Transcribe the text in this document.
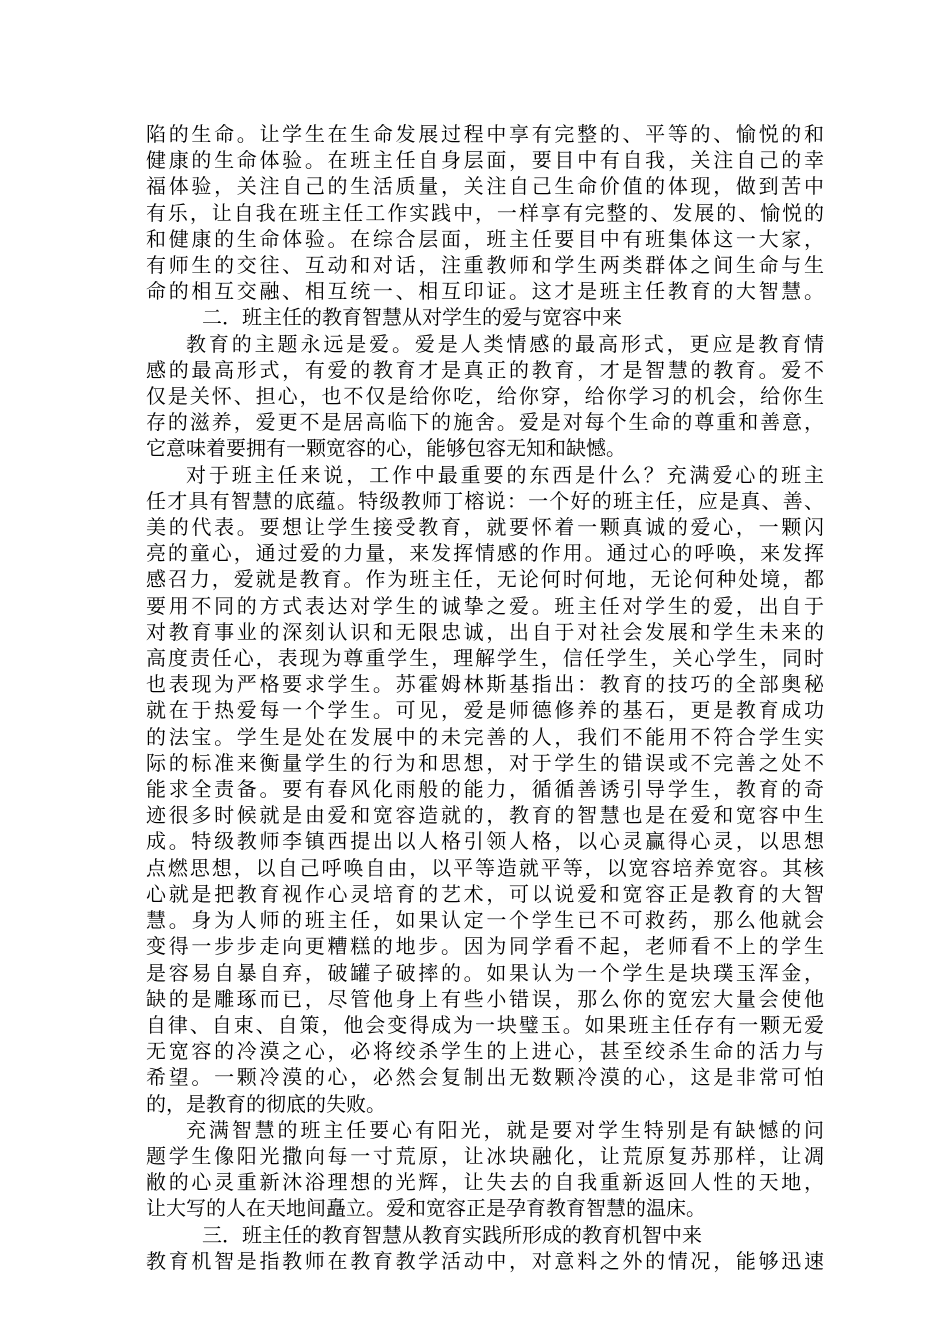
陷的生命。让学生在生命发展过程中享有完整的、平等的、愉悦的和
健康的生命体验。在班主任自身层面，要目中有自我，关注自己的幸
福体验，关注自己的生活质量，关注自己生命价值的体现，做到苦中
有乐，让自我在班主任工作实践中，一样享有完整的、发展的、愉悦的
和健康的生命体验。在综合层面，班主任要目中有班集体这一大家，
有师生的交往、互动和对话，注重教师和学生两类群体之间生命与生
命的相互交融、相互统一、相互印证。这才是班主任教育的大智慧。
二．班主任的教育智慧从对学生的爱与宽容中来
教育的主题永远是爱。爱是人类情感的最高形式，更应是教育情
感的最高形式，有爱的教育才是真正的教育，才是智慧的教育。爱不
仅是关怀、担心，也不仅是给你吃，给你穿，给你学习的机会，给你生
存的滋养，爱更不是居高临下的施舍。爱是对每个生命的尊重和善意，
它意味着要拥有一颗宽容的心，能够包容无知和缺憾。
对于班主任来说，工作中最重要的东西是什么？充满爱心的班主
任才具有智慧的底蕴。特级教师丁榕说：一个好的班主任，应是真、善、
美的代表。要想让学生接受教育，就要怀着一颗真诚的爱心，一颗闪
亮的童心，通过爱的力量，来发挥情感的作用。通过心的呼唤，来发挥
感召力，爱就是教育。作为班主任，无论何时何地，无论何种处境，都
要用不同的方式表达对学生的诚挚之爱。班主任对学生的爱，出自于
对教育事业的深刻认识和无限忠诚，出自于对社会发展和学生未来的
高度责任心，表现为尊重学生，理解学生，信任学生，关心学生，同时
也表现为严格要求学生。苏霍姆林斯基指出：教育的技巧的全部奥秘
就在于热爱每一个学生。可见，爱是师德修养的基石，更是教育成功
的法宝。学生是处在发展中的未完善的人，我们不能用不符合学生实
际的标准来衡量学生的行为和思想，对于学生的错误或不完善之处不
能求全责备。要有春风化雨般的能力，循循善诱引导学生，教育的奇
迹很多时候就是由爱和宽容造就的，教育的智慧也是在爱和宽容中生
成。特级教师李镇西提出以人格引领人格，以心灵赢得心灵，以思想
点燃思想，以自己呼唤自由，以平等造就平等，以宽容培养宽容。其核
心就是把教育视作心灵培育的艺术，可以说爱和宽容正是教育的大智
慧。身为人师的班主任，如果认定一个学生已不可救药，那么他就会
变得一步步走向更糟糕的地步。因为同学看不起，老师看不上的学生
是容易自暴自弃，破罐子破摔的。如果认为一个学生是块璞玉浑金，
缺的是雕琢而已，尽管他身上有些小错误，那么你的宽宏大量会使他
自律、自束、自策，他会变得成为一块璧玉。如果班主任存有一颗无爱
无宽容的冷漠之心，必将绞杀学生的上进心，甚至绞杀生命的活力与
希望。一颗冷漠的心，必然会复制出无数颗冷漠的心，这是非常可怕
的，是教育的彻底的失败。
充满智慧的班主任要心有阳光，就是要对学生特别是有缺憾的问
题学生像阳光撒向每一寸荒原，让冰块融化，让荒原复苏那样，让凋
敝的心灵重新沐浴理想的光辉，让失去的自我重新返回人性的天地，
让大写的人在天地间矗立。爱和宽容正是孕育教育智慧的温床。
三．班主任的教育智慧从教育实践所形成的教育机智中来
教育机智是指教师在教育教学活动中，对意料之外的情况，能够迅速
